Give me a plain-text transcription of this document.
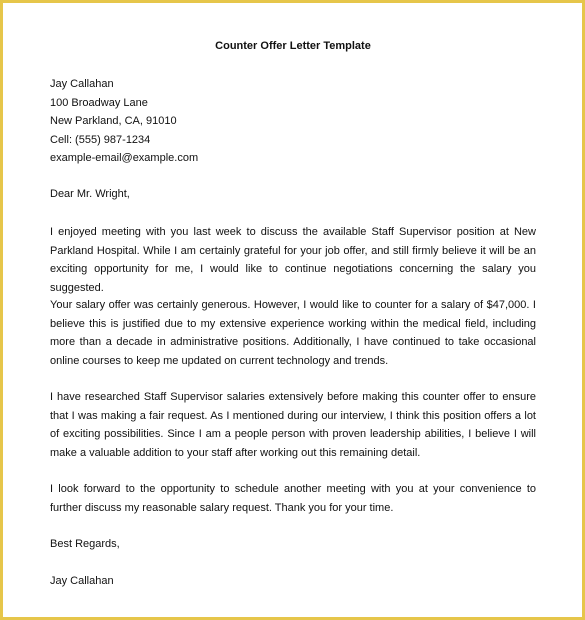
Counter Offer Letter Template
Jay Callahan
100 Broadway Lane
New Parkland, CA, 91010
Cell: (555) 987-1234
example-email@example.com
Dear Mr. Wright,
I enjoyed meeting with you last week to discuss the available Staff Supervisor position at New Parkland Hospital. While I am certainly grateful for your job offer, and still firmly believe it will be an exciting opportunity for me, I would like to continue negotiations concerning the salary you suggested.
Your salary offer was certainly generous. However, I would like to counter for a salary of $47,000. I believe this is justified due to my extensive experience working within the medical field, including more than a decade in administrative positions. Additionally, I have continued to take occasional online courses to keep me updated on current technology and trends.
I have researched Staff Supervisor salaries extensively before making this counter offer to ensure that I was making a fair request. As I mentioned during our interview, I think this position offers a lot of exciting possibilities. Since I am a people person with proven leadership abilities, I believe I will make a valuable addition to your staff after working out this remaining detail.
I look forward to the opportunity to schedule another meeting with you at your convenience to further discuss my reasonable salary request. Thank you for your time.
Best Regards,
Jay Callahan
